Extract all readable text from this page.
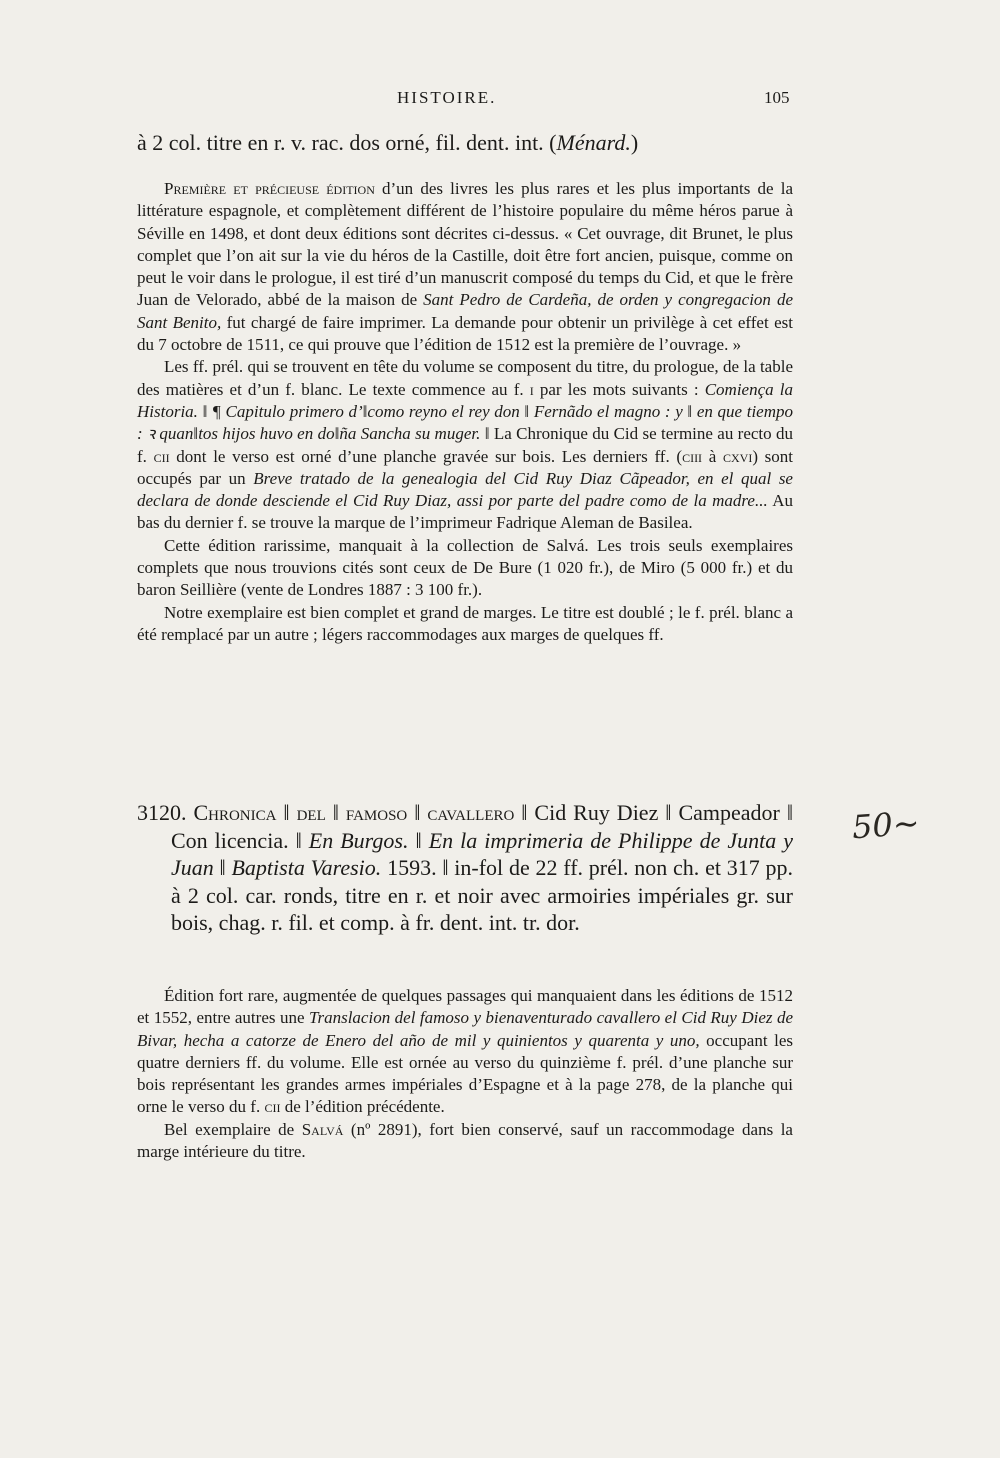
HISTOIRE.	105

à 2 col. titre en r. v. rac. dos orné, fil. dent. int. (Ménard.)

Première et précieuse édition d’un des livres les plus rares et les plus importants de la littérature espagnole, et complètement différent de l’histoire populaire du même héros parue à Séville en 1498, et dont deux éditions sont décrites ci-dessus. « Cet ouvrage, dit Brunet, le plus complet que l’on ait sur la vie du héros de la Castille, doit être fort ancien, puisque, comme on peut le voir dans le prologue, il est tiré d’un manuscrit composé du temps du Cid, et que le frère Juan de Velorado, abbé de la maison de Sant Pedro de Cardeña, de orden y congregacion de Sant Benito, fut chargé de faire imprimer. La demande pour obtenir un privilège à cet effet est du 7 octobre de 1511, ce qui prouve que l’édition de 1512 est la première de l’ouvrage. »

Les ff. prél. qui se trouvent en tête du volume se composent du titre, du prologue, de la table des matières et d’un f. blanc. Le texte commence au f. i par les mots suivants : Comiença la Historia. ‖ ¶ Capitulo primero d’‖como reyno el rey don ‖ Fernãdo el magno : y ‖ en que tiempo : ꝛ quan‖tos hijos huvo en do‖ña Sancha su muger. ‖ La Chronique du Cid se termine au recto du f. cii dont le verso est orné d’une planche gravée sur bois. Les derniers ff. (ciii à cxvi) sont occupés par un Breve tratado de la genealogia del Cid Ruy Diaz Cãpeador, en el qual se declara de donde desciende el Cid Ruy Diaz, assi por parte del padre como de la madre... Au bas du dernier f. se trouve la marque de l’imprimeur Fadrique Aleman de Basilea.

Cette édition rarissime, manquait à la collection de Salvá. Les trois seuls exemplaires complets que nous trouvions cités sont ceux de De Bure (1 020 fr.), de Miro (5 000 fr.) et du baron Seillière (vente de Londres 1887 : 3 100 fr.).

Notre exemplaire est bien complet et grand de marges. Le titre est doublé ; le f. prél. blanc a été remplacé par un autre ; légers raccommodages aux marges de quelques ff.

3120. Chronica ‖ del ‖ famoso ‖ cavallero ‖ Cid Ruy Diez ‖ Campeador ‖ Con licencia. ‖ En Burgos. ‖ En la imprimeria de Philippe de Junta y Juan ‖ Baptista Varesio. 1593. ‖ in-fol de 22 ff. prél. non ch. et 317 pp. à 2 col. car. ronds, titre en r. et noir avec armoiries impériales gr. sur bois, chag. r. fil. et comp. à fr. dent. int. tr. dor.

Édition fort rare, augmentée de quelques passages qui manquaient dans les éditions de 1512 et 1552, entre autres une Translacion del famoso y bienaventurado cavallero el Cid Ruy Diez de Bivar, hecha a catorze de Enero del año de mil y quinientos y quarenta y uno, occupant les quatre derniers ff. du volume. Elle est ornée au verso du quinzième f. prél. d’une planche sur bois représentant les grandes armes impériales d’Espagne et à la page 278, de la planche qui orne le verso du f. cii de l’édition précédente.

Bel exemplaire de Salvá (nº 2891), fort bien conservé, sauf un raccommodage dans la marge intérieure du titre.

50~
